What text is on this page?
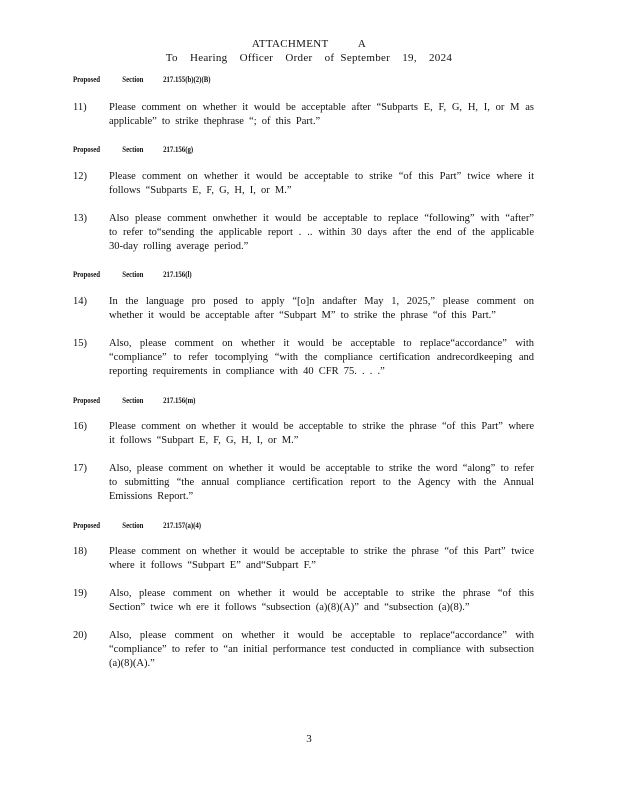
ATTACHMENT     A
To  Hearing  Officer  Order  of September  19,  2024
Proposed	Section 217.155(b)(2)(B)
11)	Please comment on whether it would be acceptable after “Subparts E, F, G, H, I, or M as applicable” to strike thephrase “; of this Part.”
Proposed	Section 217.156(g)
12)	Please comment on whether it would be acceptable to strike “of this Part” twice where it follows “Subparts E, F, G, H, I, or M.”
13)	Also please comment onwhether it would be acceptable to replace “following” with “after” to refer to“sending the applicable report . .. within 30 days after the end of the applicable 30-day rolling average period.”
Proposed	Section 217.156(l)
14)	In the language pro posed to apply “[o]n andafter May 1, 2025,” please comment on whether it would be acceptable after “Subpart M” to strike the phrase “of this Part.”
15)	Also, please comment on whether it would be acceptable to replace“accordance” with “compliance” to refer tocomplying “with the compliance certification andrecordkeeping and reporting requirements in compliance with 40 CFR 75. . . .”
Proposed	Section 217.156(m)
16)	Please comment on whether it would be acceptable to strike the phrase “of this Part” where it follows “Subpart E, F, G, H, I, or M.”
17)	Also, please comment on whether it would be acceptable to strike the word “along” to refer to submitting “the annual compliance certification report to the Agency with the Annual Emissions Report.”
Proposed	Section 217.157(a)(4)
18)	Please comment on whether it would be acceptable to strike the phrase “of this Part” twice where it follows “Subpart E” and“Subpart F.”
19)	Also, please comment on whether it would be acceptable to strike the phrase “of this Section” twice wh ere it follows “subsection (a)(8)(A)” and “subsection (a)(8).”
20)	Also, please comment on whether it would be acceptable to replace“accordance” with “compliance” to refer to “an initial performance test conducted in compliance with subsection (a)(8)(A).”
3
